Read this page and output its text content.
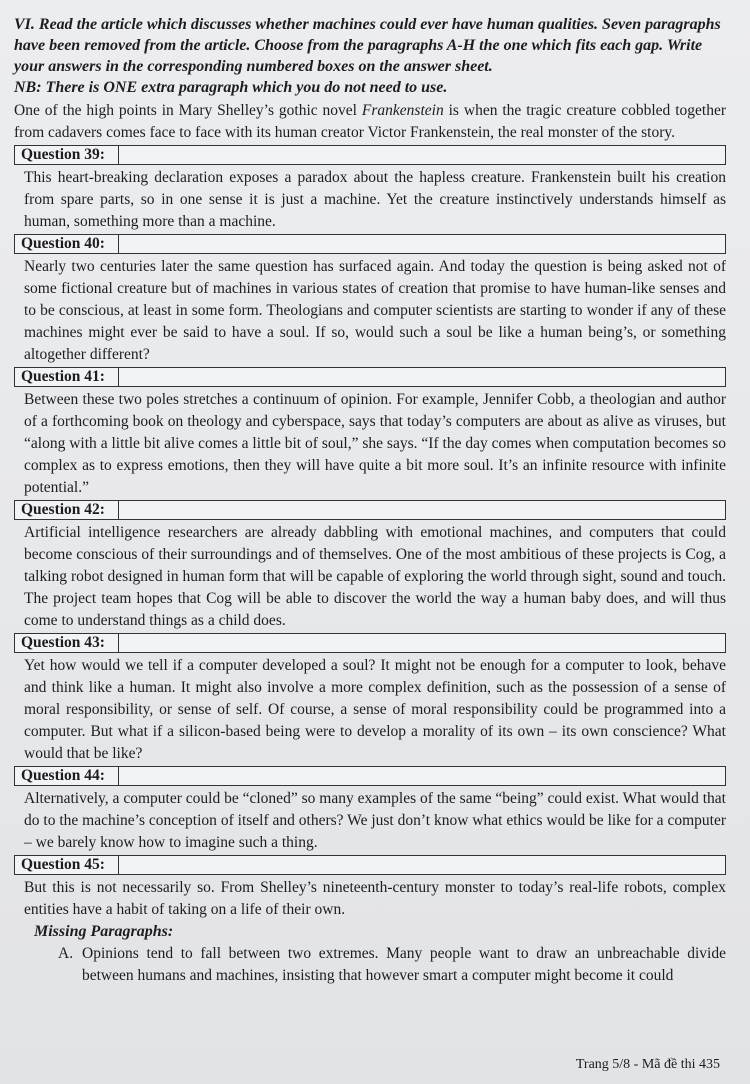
VI. Read the article which discusses whether machines could ever have human qualities. Seven paragraphs have been removed from the article. Choose from the paragraphs A-H the one which fits each gap. Write your answers in the corresponding numbered boxes on the answer sheet.

NB: There is ONE extra paragraph which you do not need to use.

One of the high points in Mary Shelley’s gothic novel Frankenstein is when the tragic creature cobbled together from cadavers comes face to face with its human creator Victor Frankenstein, the real monster of the story.

Question 39:

This heart-breaking declaration exposes a paradox about the hapless creature. Frankenstein built his creation from spare parts, so in one sense it is just a machine. Yet the creature instinctively understands himself as human, something more than a machine.

Question 40:

Nearly two centuries later the same question has surfaced again. And today the question is being asked not of some fictional creature but of machines in various states of creation that promise to have human-like senses and to be conscious, at least in some form. Theologians and computer scientists are starting to wonder if any of these machines might ever be said to have a soul. If so, would such a soul be like a human being’s, or something altogether different?

Question 41:

Between these two poles stretches a continuum of opinion. For example, Jennifer Cobb, a theologian and author of a forthcoming book on theology and cyberspace, says that today’s computers are about as alive as viruses, but “along with a little bit alive comes a little bit of soul,” she says. “If the day comes when computation becomes so complex as to express emotions, then they will have quite a bit more soul. It’s an infinite resource with infinite potential.”

Question 42:

Artificial intelligence researchers are already dabbling with emotional machines, and computers that could become conscious of their surroundings and of themselves. One of the most ambitious of these projects is Cog, a talking robot designed in human form that will be capable of exploring the world through sight, sound and touch. The project team hopes that Cog will be able to discover the world the way a human baby does, and will thus come to understand things as a child does.

Question 43:

Yet how would we tell if a computer developed a soul? It might not be enough for a computer to look, behave and think like a human. It might also involve a more complex definition, such as the possession of a sense of moral responsibility, or sense of self. Of course, a sense of moral responsibility could be programmed into a computer. But what if a silicon-based being were to develop a morality of its own – its own conscience? What would that be like?

Question 44:

Alternatively, a computer could be “cloned” so many examples of the same “being” could exist. What would that do to the machine’s conception of itself and others? We just don’t know what ethics would be like for a computer – we barely know how to imagine such a thing.

Question 45:

But this is not necessarily so. From Shelley’s nineteenth-century monster to today’s real-life robots, complex entities have a habit of taking on a life of their own.

Missing Paragraphs:

A. Opinions tend to fall between two extremes. Many people want to draw an unbreachable divide between humans and machines, insisting that however smart a computer might become it could
Trang 5/8 - Mã đề thi 435
